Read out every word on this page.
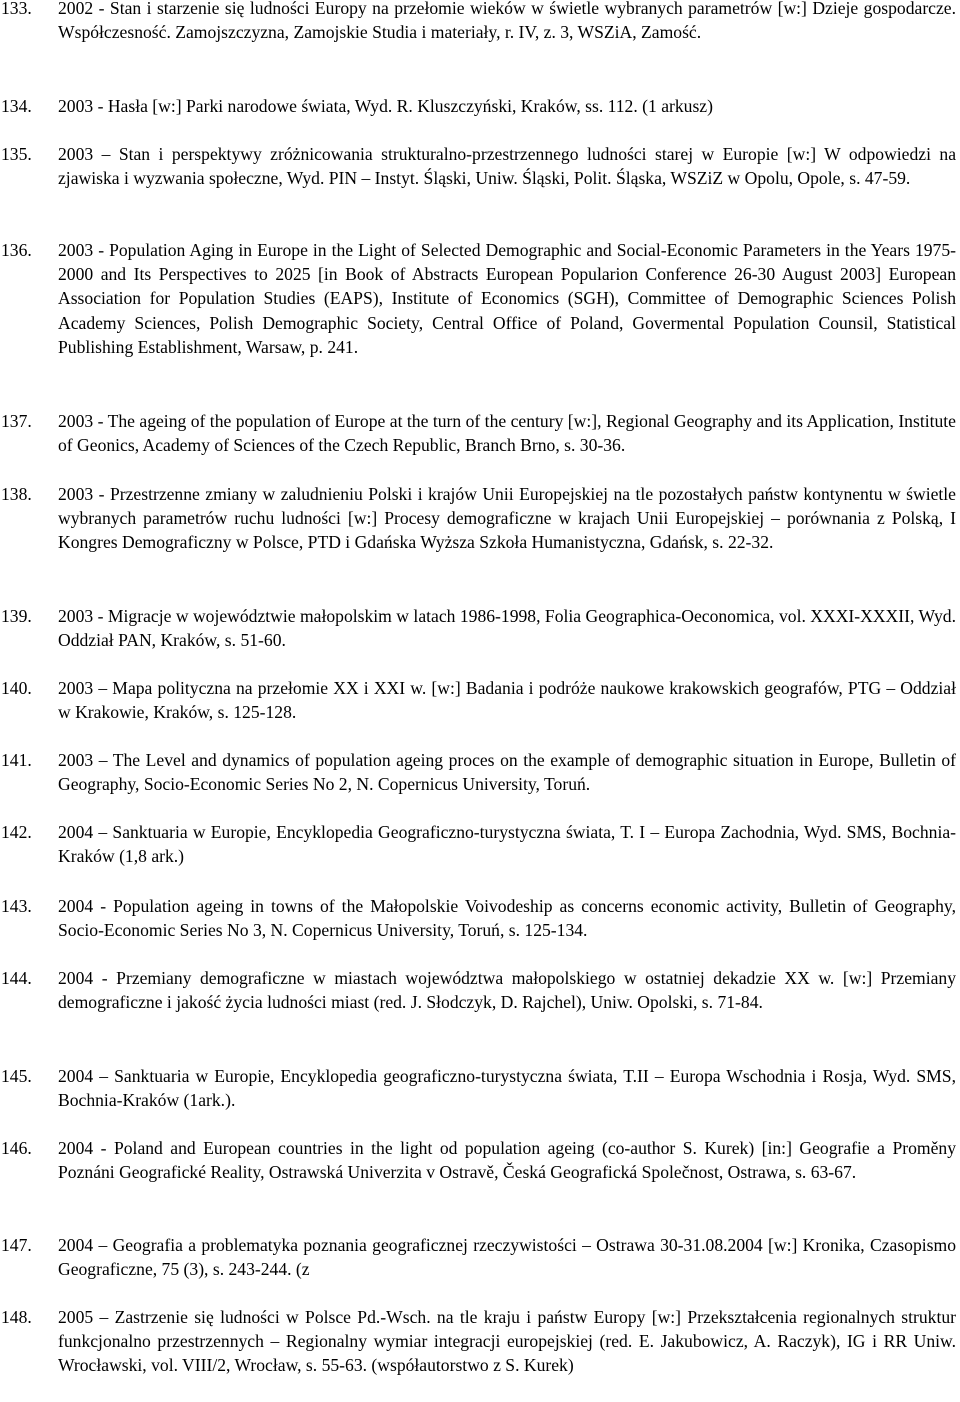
133.	2002 - Stan i starzenie się ludności Europy na przełomie wieków w świetle wybranych parametrów [w:] Dzieje gospodarcze. Współczesność. Zamojszczyzna, Zamojskie Studia i materiały, r. IV, z. 3, WSZiA, Zamość.
134.	2003 - Hasła [w:] Parki narodowe świata, Wyd. R. Kluszczyński, Kraków, ss. 112. (1 arkusz)
135.	2003 – Stan i perspektywy zróżnicowania strukturalno-przestrzennego ludności starej w Europie [w:] W odpowiedzi na zjawiska i wyzwania społeczne, Wyd. PIN – Instyt. Śląski, Uniw. Śląski, Polit. Śląska, WSZiZ w Opolu, Opole, s. 47-59.
136.	2003 - Population Aging in Europe in the Light of Selected Demographic and Social-Economic Parameters in the Years 1975-2000 and Its Perspectives to 2025 [in Book of Abstracts European Popularion Conference 26-30 August 2003] European Association for Population Studies (EAPS), Institute of Economics (SGH), Committee of Demographic Sciences Polish Academy Sciences, Polish Demographic Society, Central Office of Poland, Govermental Population Counsil, Statistical Publishing Establishment, Warsaw, p. 241.
137.	2003 - The ageing of the population of Europe at the turn of the century [w:], Regional Geography and its Application, Institute of Geonics, Academy of Sciences of the Czech Republic, Branch Brno, s. 30-36.
138.	2003 - Przestrzenne zmiany w zaludnieniu Polski i krajów Unii Europejskiej na tle pozostałych państw kontynentu w świetle wybranych parametrów ruchu ludności [w:] Procesy demograficzne w krajach Unii Europejskiej – porównania z Polską, I Kongres Demograficzny w Polsce, PTD i Gdańska Wyższa Szkoła Humanistyczna, Gdańsk, s. 22-32.
139.	2003 - Migracje w województwie małopolskim w latach 1986-1998, Folia Geographica-Oeconomica, vol. XXXI-XXXII, Wyd. Oddział PAN, Kraków, s. 51-60.
140.	2003 – Mapa polityczna na przełomie XX i XXI w. [w:] Badania i podróże naukowe krakowskich geografów, PTG – Oddział w Krakowie, Kraków, s. 125-128.
141.	2003 – The Level and dynamics of population ageing proces on the example of demographic situation in Europe, Bulletin of Geography, Socio-Economic Series No 2, N. Copernicus University, Toruń.
142.	2004 – Sanktuaria w Europie, Encyklopedia Geograficzno-turystyczna świata, T. I – Europa Zachodnia, Wyd. SMS, Bochnia-Kraków (1,8 ark.)
143.	2004 - Population ageing in towns of the Małopolskie Voivodeship as concerns economic activity, Bulletin of Geography, Socio-Economic Series No 3, N. Copernicus University, Toruń, s. 125-134.
144.	2004 - Przemiany demograficzne w miastach województwa małopolskiego w ostatniej dekadzie XX w. [w:] Przemiany demograficzne i jakość życia ludności miast (red. J. Słodczyk, D. Rajchel), Uniw. Opolski, s. 71-84.
145.	2004 – Sanktuaria w Europie, Encyklopedia geograficzno-turystyczna świata, T.II – Europa Wschodnia i Rosja, Wyd. SMS, Bochnia-Kraków (1ark.).
146.	2004 - Poland and European countries in the light od population ageing (co-author S. Kurek) [in:] Geografie a Proměny Poznáni Geografické Reality, Ostrawská Univerzita v Ostravě, Česká Geografická Společnost, Ostrawa, s. 63-67.
147.	2004 – Geografia a problematyka poznania geograficznej rzeczywistości – Ostrawa 30-31.08.2004 [w:] Kronika, Czasopismo Geograficzne, 75 (3), s. 243-244. (z
148.	2005 – Zastrzenie się ludności w Polsce Pd.-Wsch. na tle kraju i państw Europy [w:] Przekształcenia regionalnych struktur funkcjonalno przestrzennych – Regionalny wymiar integracji europejskiej (red. E. Jakubowicz, A. Raczyk), IG i RR Uniw. Wrocławski, vol. VIII/2, Wrocław, s. 55-63. (współautorstwo z S. Kurek)
